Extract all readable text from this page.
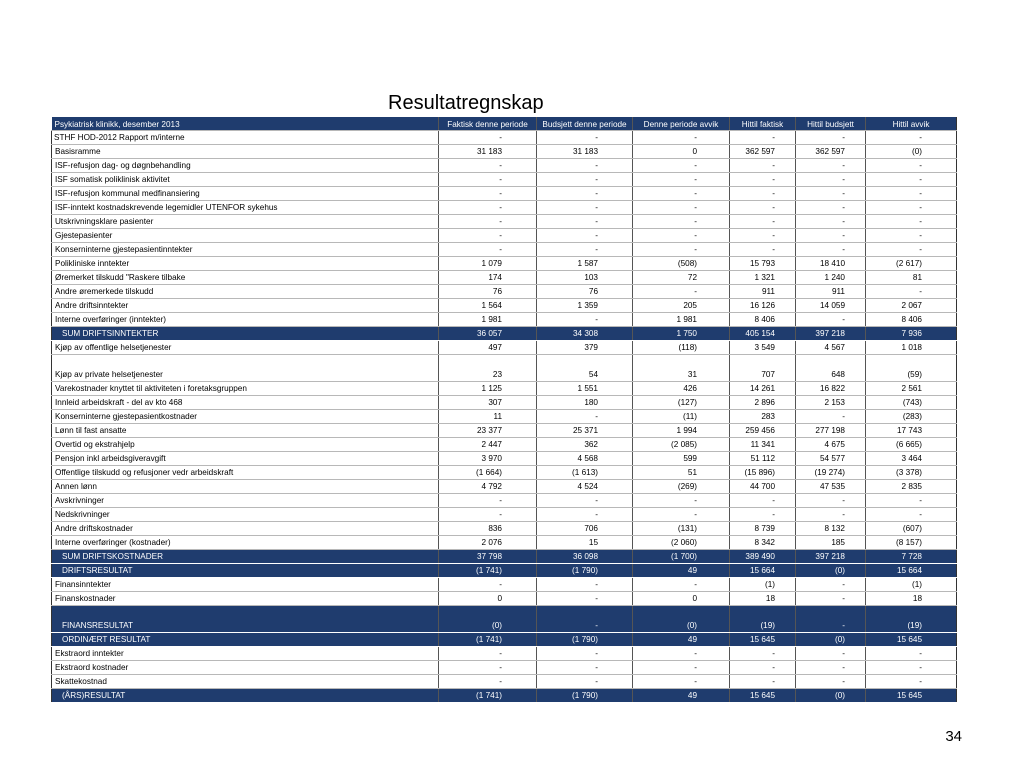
Resultatregnskap
Psykiatrisk klinikk, desember 2013	Faktisk denne periode	Budsjett denne periode	Denne periode avvik	Hittil faktisk	Hittil budsjett	Hittil avvik
STHF HOD-2012 Rapport m/interne	-	-	-	-	-	-
Basisramme	31 183	31 183	0	362 597	362 597	(0)
ISF-refusjon dag- og døgnbehandling	-	-	-	-	-	-
ISF somatisk poliklinisk aktivitet	-	-	-	-	-	-
ISF-refusjon kommunal medfinansiering	-	-	-	-	-	-
ISF-inntekt kostnadskrevende legemidler UTENFOR sykehus	-	-	-	-	-	-
Utskrivningsklare pasienter	-	-	-	-	-	-
Gjestepasienter	-	-	-	-	-	-
Konserninterne gjestepasientinntekter	-	-	-	-	-	-
Polikliniske inntekter	1 079	1 587	(508)	15 793	18 410	(2 617)
Øremerket tilskudd "Raskere tilbake	174	103	72	1 321	1 240	81
Andre øremerkede tilskudd	76	76	-	911	911	-
Andre driftsinntekter	1 564	1 359	205	16 126	14 059	2 067
Interne overføringer (inntekter)	1 981	-	1 981	8 406	-	8 406
SUM DRIFTSINNTEKTER	36 057	34 308	1 750	405 154	397 218	7 936
Kjøp av offentlige helsetjenester	497	379	(118)	3 549	4 567	1 018
Kjøp av private helsetjenester	23	54	31	707	648	(59)
Varekostnader knyttet til aktiviteten i foretaksgruppen	1 125	1 551	426	14 261	16 822	2 561
Innleid arbeidskraft - del av kto 468	307	180	(127)	2 896	2 153	(743)
Konserninterne gjestepasientkostnader	11	-	(11)	283	-	(283)
Lønn til fast ansatte	23 377	25 371	1 994	259 456	277 198	17 743
Overtid og ekstrahjelp	2 447	362	(2 085)	11 341	4 675	(6 665)
Pensjon inkl arbeidsgiveravgift	3 970	4 568	599	51 112	54 577	3 464
Offentlige tilskudd og refusjoner vedr arbeidskraft	(1 664)	(1 613)	51	(15 896)	(19 274)	(3 378)
Annen lønn	4 792	4 524	(269)	44 700	47 535	2 835
Avskrivninger	-	-	-	-	-	-
Nedskrivninger	-	-	-	-	-	-
Andre driftskostnader	836	706	(131)	8 739	8 132	(607)
Interne overføringer (kostnader)	2 076	15	(2 060)	8 342	185	(8 157)
SUM DRIFTSKOSTNADER	37 798	36 098	(1 700)	389 490	397 218	7 728
DRIFTSRESULTAT	(1 741)	(1 790)	49	15 664	(0)	15 664
Finansinntekter	-	-	-	(1)	-	(1)
Finanskostnader	0	-	0	18	-	18
FINANSRESULTAT	(0)	-	(0)	(19)	-	(19)
ORDINÆRT RESULTAT	(1 741)	(1 790)	49	15 645	(0)	15 645
Ekstraord inntekter	-	-	-	-	-	-
Ekstraord kostnader	-	-	-	-	-	-
Skattekostnad	-	-	-	-	-	-
(ÅRS)RESULTAT	(1 741)	(1 790)	49	15 645	(0)	15 645
34
